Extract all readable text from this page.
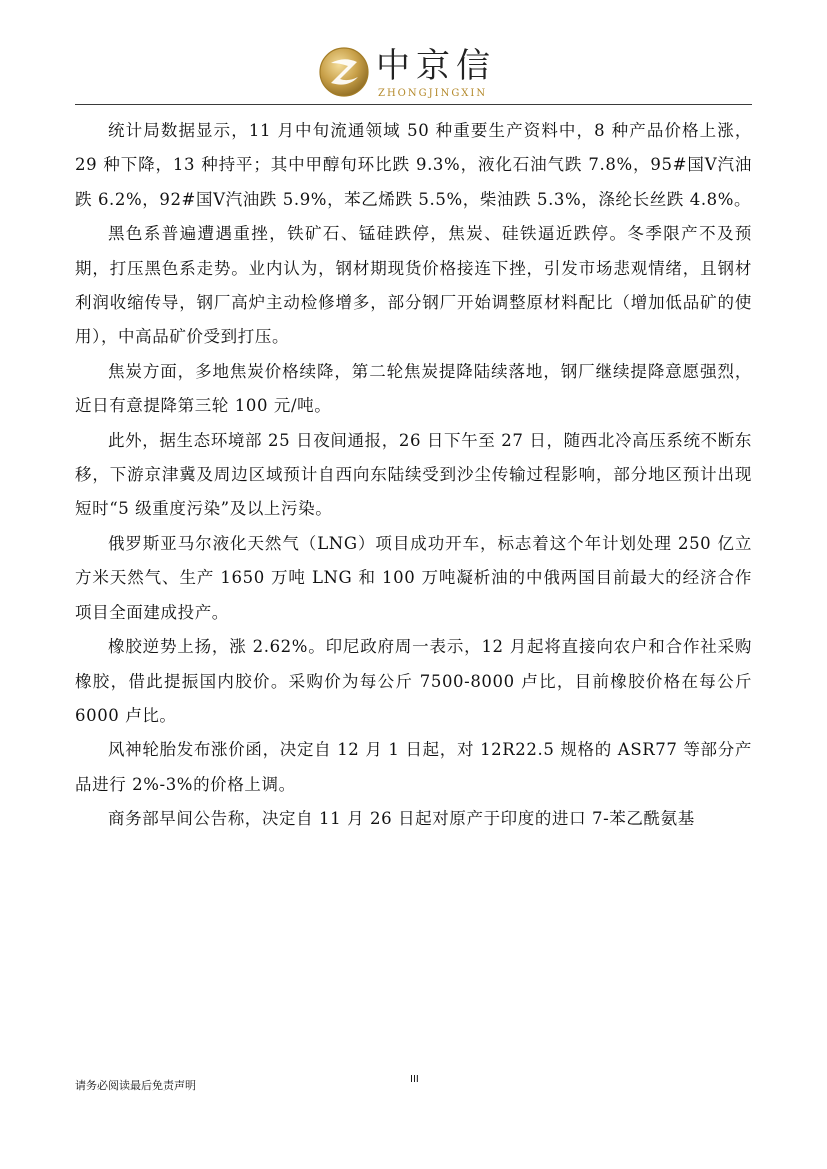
中京信
ZHONGJINGXIN

统计局数据显示，11 月中旬流通领域 50 种重要生产资料中，8 种产品价格上涨，29 种下降，13 种持平；其中甲醇旬环比跌 9.3%，液化石油气跌 7.8%，95#国Ⅴ汽油跌 6.2%，92#国Ⅴ汽油跌 5.9%，苯乙烯跌 5.5%，柴油跌 5.3%，涤纶长丝跌 4.8%。

黑色系普遍遭遇重挫，铁矿石、锰硅跌停，焦炭、硅铁逼近跌停。冬季限产不及预期，打压黑色系走势。业内认为，钢材期现货价格接连下挫，引发市场悲观情绪，且钢材利润收缩传导，钢厂高炉主动检修增多，部分钢厂开始调整原材料配比（增加低品矿的使用），中高品矿价受到打压。

焦炭方面，多地焦炭价格续降，第二轮焦炭提降陆续落地，钢厂继续提降意愿强烈，近日有意提降第三轮 100 元/吨。

此外，据生态环境部 25 日夜间通报，26 日下午至 27 日，随西北冷高压系统不断东移，下游京津冀及周边区域预计自西向东陆续受到沙尘传输过程影响，部分地区预计出现短时“5 级重度污染”及以上污染。

俄罗斯亚马尔液化天然气（LNG）项目成功开车，标志着这个年计划处理 250 亿立方米天然气、生产 1650 万吨 LNG 和 100 万吨凝析油的中俄两国目前最大的经济合作项目全面建成投产。

橡胶逆势上扬，涨 2.62%。印尼政府周一表示，12 月起将直接向农户和合作社采购橡胶，借此提振国内胶价。采购价为每公斤 7500-8000 卢比，目前橡胶价格在每公斤 6000 卢比。

风神轮胎发布涨价函，决定自 12 月 1 日起，对 12R22.5 规格的 ASR77 等部分产品进行 2%-3%的价格上调。

商务部早间公告称，决定自 11 月 26 日起对原产于印度的进口 7-苯乙酰氨基

请务必阅读最后免责声明	III
